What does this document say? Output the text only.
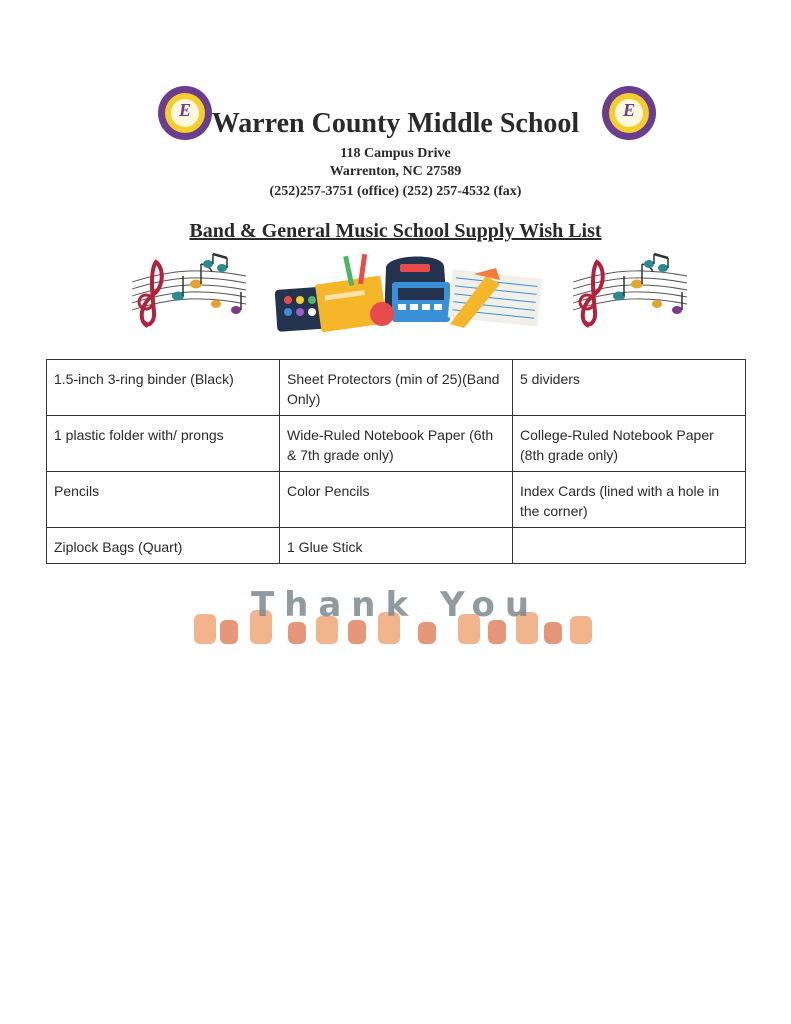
E	E
Warren County Middle School
118 Campus Drive
Warrenton, NC 27589
(252)257-3751 (office) (252) 257-4532 (fax)
Band & General Music School Supply Wish List
1.5-inch 3-ring binder (Black)	Sheet Protectors (min of 25)(Band Only)	5 dividers
1 plastic folder with/ prongs	Wide-Ruled Notebook Paper (6th & 7th grade only)	College-Ruled Notebook Paper (8th grade only)
Pencils	Color Pencils	Index Cards (lined with a hole in the corner)
Ziplock Bags (Quart)	1 Glue Stick	
Thank You
